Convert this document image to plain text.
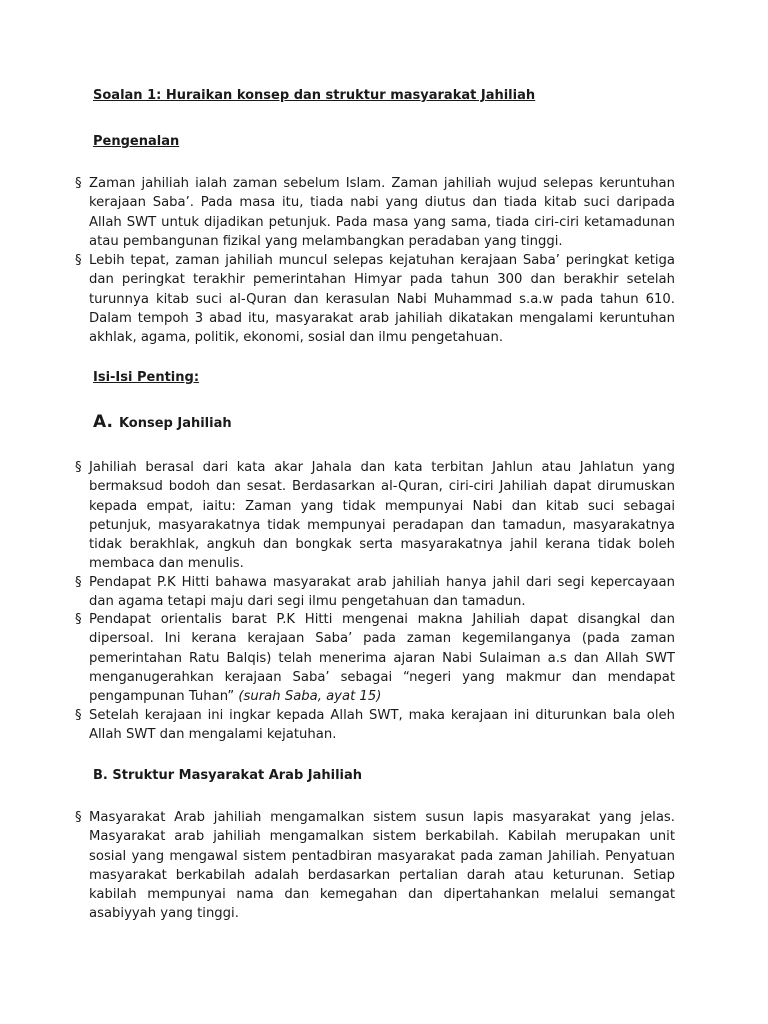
Soalan 1: Huraikan konsep dan struktur masyarakat Jahiliah
Pengenalan
§ Zaman jahiliah ialah zaman sebelum Islam. Zaman jahiliah wujud selepas keruntuhan kerajaan Saba’. Pada masa itu, tiada nabi yang diutus dan tiada kitab suci daripada Allah SWT untuk dijadikan petunjuk. Pada masa yang sama, tiada ciri-ciri ketamadunan atau pembangunan fizikal yang melambangkan peradaban yang tinggi.
§ Lebih tepat, zaman jahiliah muncul selepas kejatuhan kerajaan Saba’ peringkat ketiga dan peringkat terakhir pemerintahan Himyar pada tahun 300 dan berakhir setelah turunnya kitab suci al-Quran dan kerasulan Nabi Muhammad s.a.w pada tahun 610. Dalam tempoh 3 abad itu, masyarakat arab jahiliah dikatakan mengalami keruntuhan akhlak, agama, politik, ekonomi, sosial dan ilmu pengetahuan.
Isi-Isi Penting:
A. Konsep Jahiliah
§ Jahiliah berasal dari kata akar Jahala dan kata terbitan Jahlun atau Jahlatun yang bermaksud bodoh dan sesat. Berdasarkan al-Quran, ciri-ciri Jahiliah dapat dirumuskan kepada empat, iaitu: Zaman yang tidak mempunyai Nabi dan kitab suci sebagai petunjuk, masyarakatnya tidak mempunyai peradapan dan tamadun, masyarakatnya tidak berakhlak, angkuh dan bongkak serta masyarakatnya jahil kerana tidak boleh membaca dan menulis.
§ Pendapat P.K Hitti bahawa masyarakat arab jahiliah hanya jahil dari segi kepercayaan dan agama tetapi maju dari segi ilmu pengetahuan dan tamadun.
§ Pendapat orientalis barat P.K Hitti mengenai makna Jahiliah dapat disangkal dan dipersoal. Ini kerana kerajaan Saba’ pada zaman kegemilanganya (pada zaman pemerintahan Ratu Balqis) telah menerima ajaran Nabi Sulaiman a.s dan Allah SWT menganugerahkan kerajaan Saba’ sebagai “negeri yang makmur dan mendapat pengampunan Tuhan” (surah Saba, ayat 15)
§ Setelah kerajaan ini ingkar kepada Allah SWT, maka kerajaan ini diturunkan bala oleh Allah SWT dan mengalami kejatuhan.
B. Struktur Masyarakat Arab Jahiliah
§ Masyarakat Arab jahiliah mengamalkan sistem susun lapis masyarakat yang jelas. Masyarakat arab jahiliah mengamalkan sistem berkabilah. Kabilah merupakan unit sosial yang mengawal sistem pentadbiran masyarakat pada zaman Jahiliah. Penyatuan masyarakat berkabilah adalah berdasarkan pertalian darah atau keturunan. Setiap kabilah mempunyai nama dan kemegahan dan dipertahankan melalui semangat asabiyyah yang tinggi.
